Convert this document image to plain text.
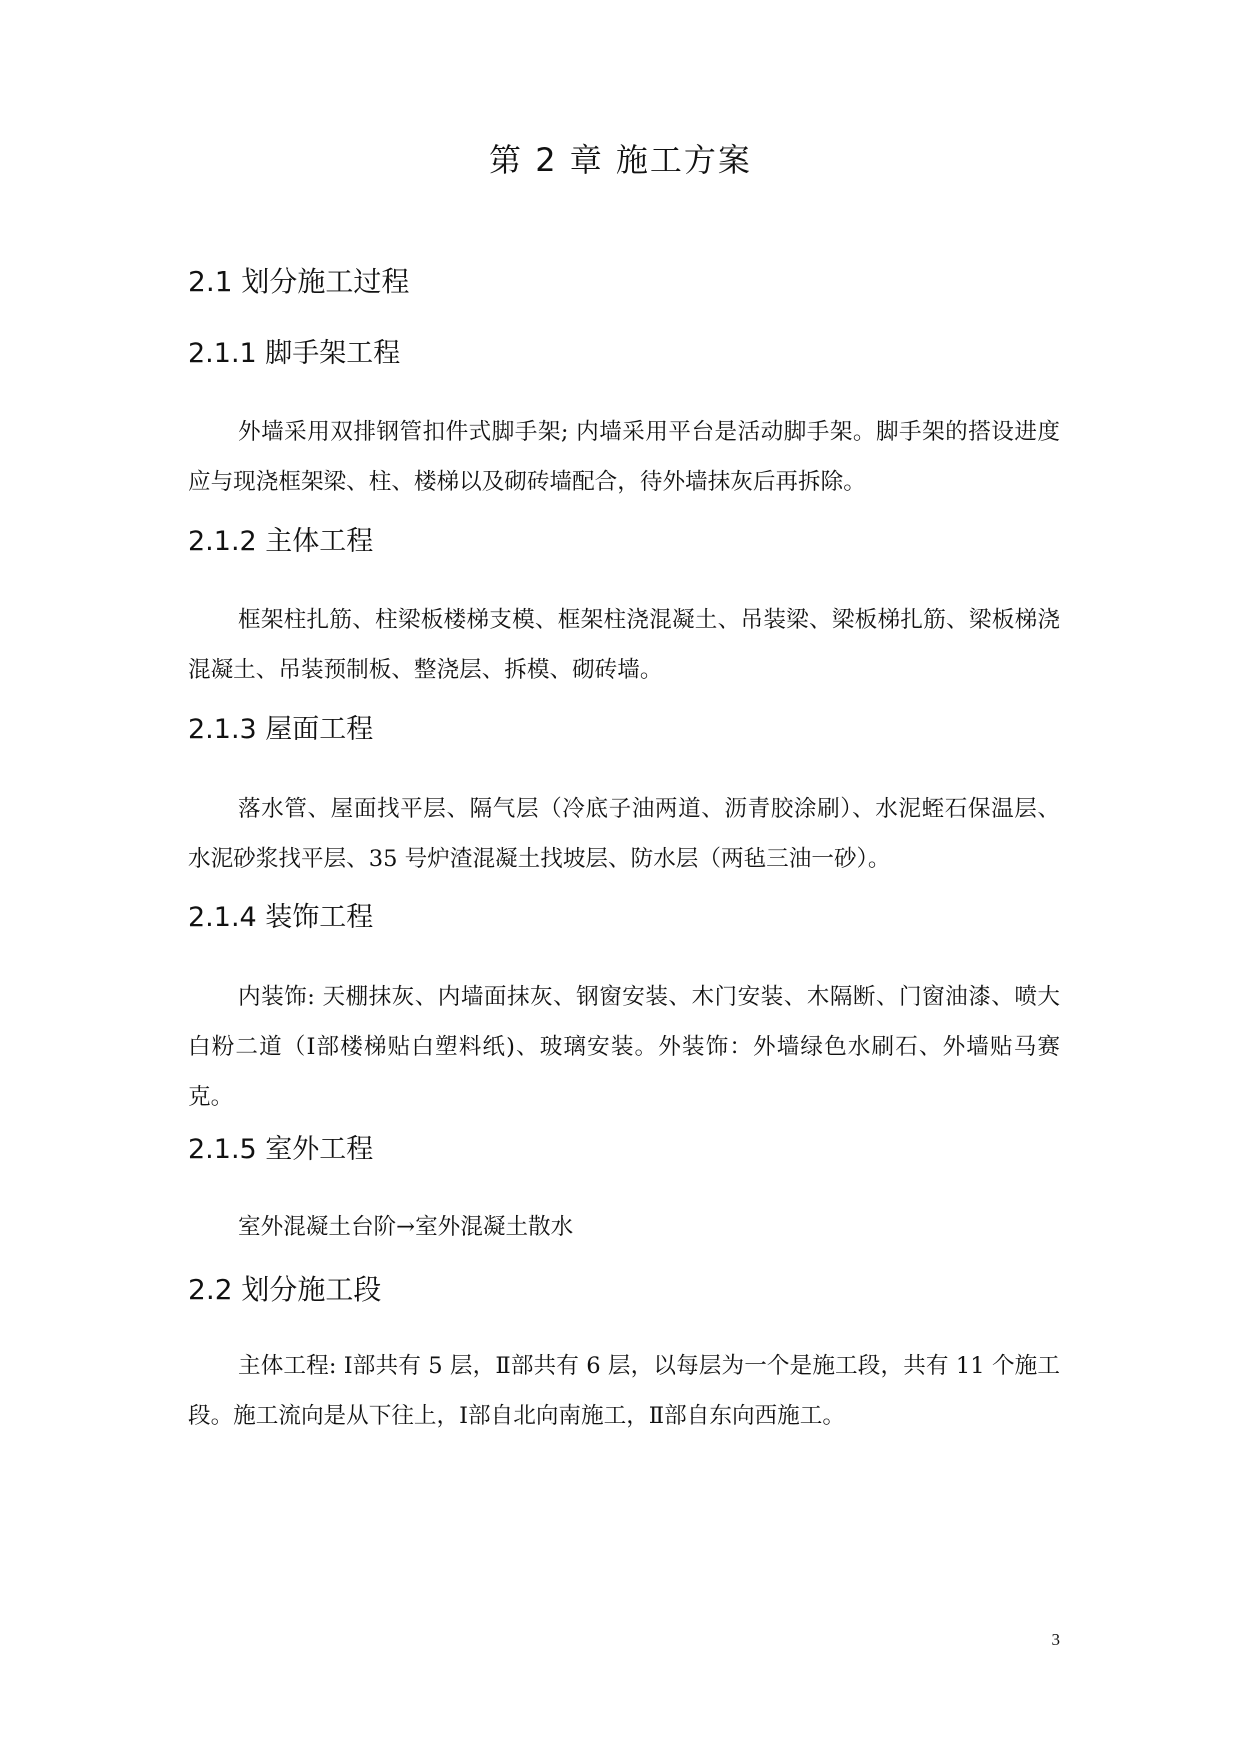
第 2 章 施工方案
2.1 划分施工过程
2.1.1 脚手架工程

外墙采用双排钢管扣件式脚手架; 内墙采用平台是活动脚手架。脚手架的搭设进度应与现浇框架梁、柱、楼梯以及砌砖墙配合，待外墙抹灰后再拆除。

2.1.2 主体工程

框架柱扎筋、柱梁板楼梯支模、框架柱浇混凝土、吊装梁、梁板梯扎筋、梁板梯浇混凝土、吊装预制板、整浇层、拆模、砌砖墙。

2.1.3 屋面工程

落水管、屋面找平层、隔气层（冷底子油两道、沥青胶涂刷）、水泥蛭石保温层、水泥砂浆找平层、35 号炉渣混凝土找坡层、防水层（两毡三油一砂）。

2.1.4 装饰工程

内装饰: 天棚抹灰、内墙面抹灰、钢窗安装、木门安装、木隔断、门窗油漆、喷大白粉二道（Ⅰ部楼梯贴白塑料纸)、玻璃安装。外装饰：外墙绿色水刷石、外墙贴马赛克。

2.1.5 室外工程

室外混凝土台阶→室外混凝土散水

2.2 划分施工段

主体工程: Ⅰ部共有 5 层，Ⅱ部共有 6 层，以每层为一个是施工段，共有 11 个施工段。施工流向是从下往上，Ⅰ部自北向南施工，Ⅱ部自东向西施工。

3
